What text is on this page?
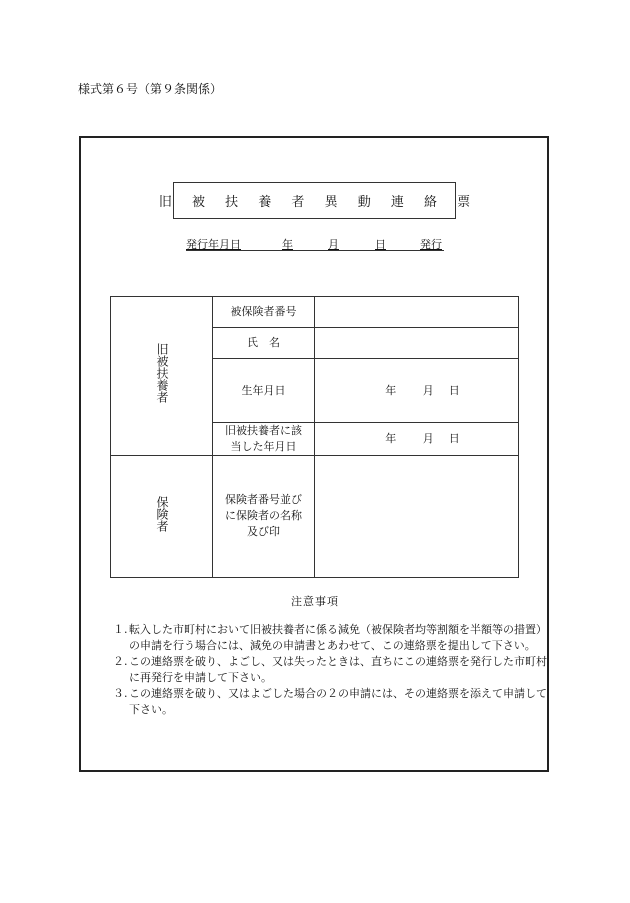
様式第６号（第９条関係）
旧 被 扶 養 者 異 動 連 絡 票
発行年月日	年	月	日	発行
旧被扶養者	被保険者番号	
	氏　名	
	生年月日	年 月 日
	旧被扶養者に該当した年月日	年 月 日
保険者	保険者番号並びに保険者の名称及び印	
注意事項
１. 転入した市町村において旧被扶養者に係る減免（被保険者均等割額を半額等の措置）の申請を行う場合には、減免の申請書とあわせて、この連絡票を提出して下さい。
２. この連絡票を破り、よごし、又は失ったときは、直ちにこの連絡票を発行した市町村に再発行を申請して下さい。
３. この連絡票を破り、又はよごした場合の２の申請には、その連絡票を添えて申請して下さい。
